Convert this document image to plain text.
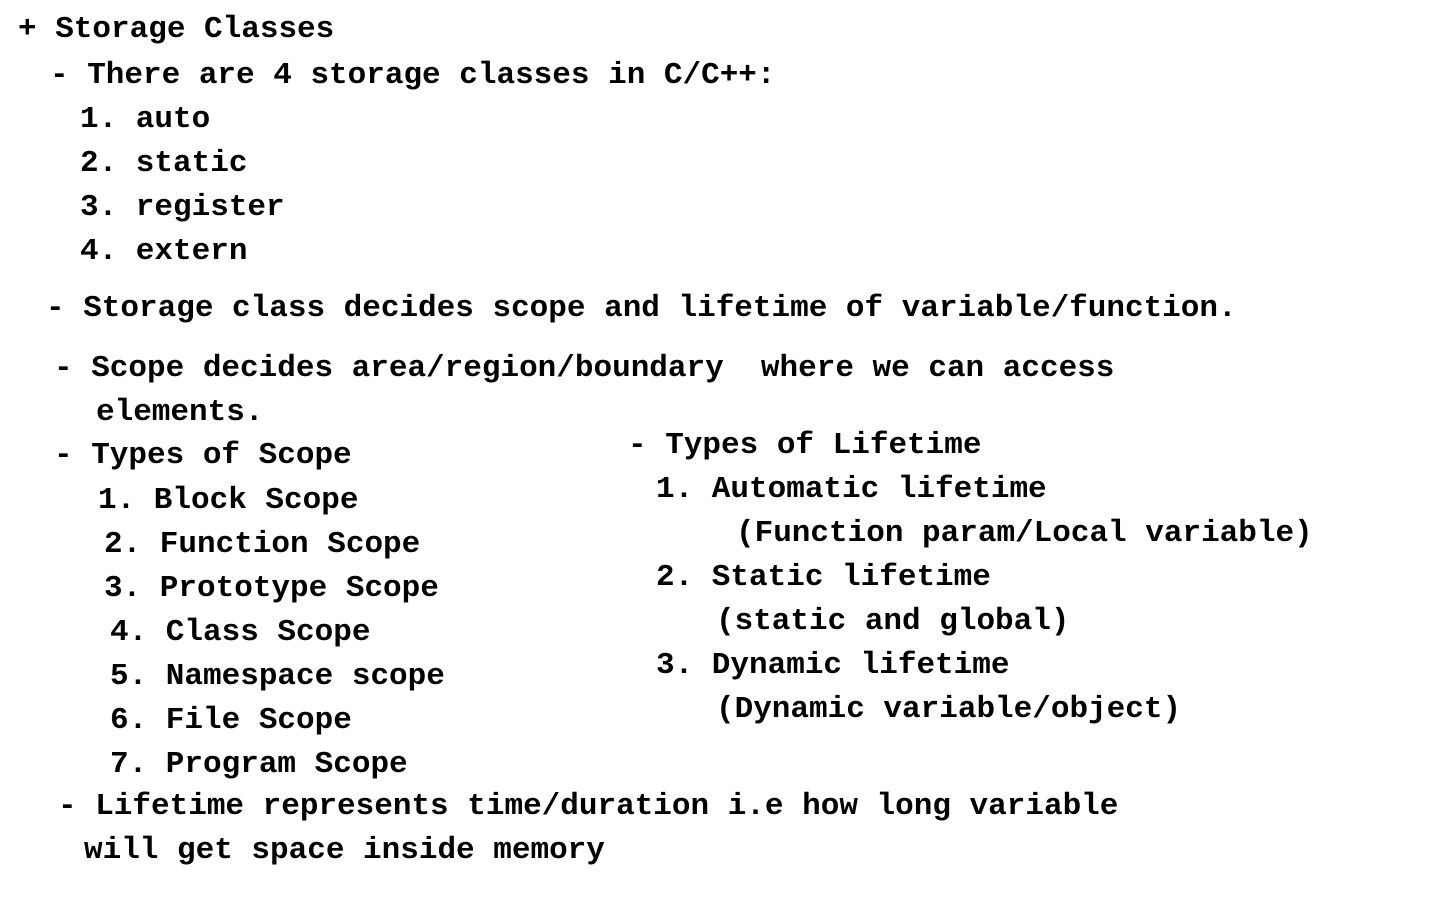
+ Storage Classes

- There are 4 storage classes in C/C++:

1. auto

2. static

3. register

4. extern

- Storage class decides scope and lifetime of variable/function.

- Scope decides area/region/boundary  where we can access

elements.

- Types of Scope

1. Block Scope

2. Function Scope

3. Prototype Scope

4. Class Scope

5. Namespace scope

6. File Scope

7. Program Scope

- Types of Lifetime

1. Automatic lifetime

(Function param/Local variable)

2. Static lifetime

(static and global)

3. Dynamic lifetime

(Dynamic variable/object)

- Lifetime represents time/duration i.e how long variable

will get space inside memory
